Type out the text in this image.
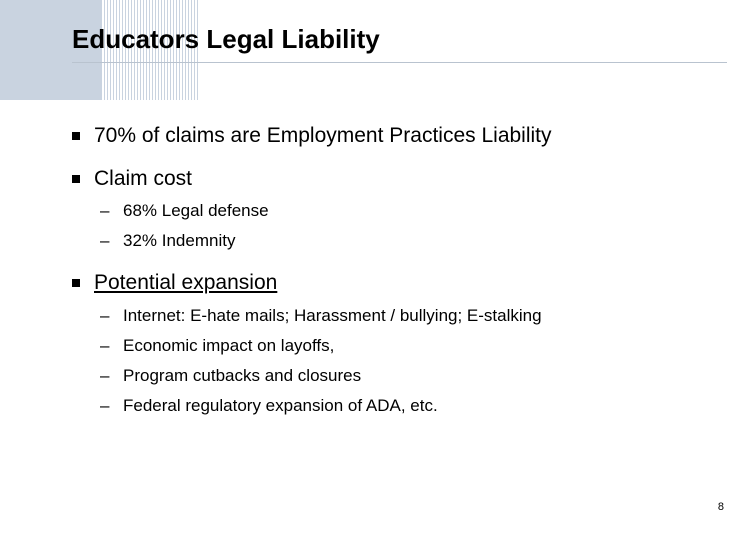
Educators Legal Liability
70% of claims are Employment Practices Liability
Claim cost
– 68% Legal defense
– 32% Indemnity
Potential expansion
– Internet: E-hate mails; Harassment / bullying; E-stalking
– Economic impact on layoffs,
– Program cutbacks and closures
– Federal regulatory expansion of ADA, etc.
8
